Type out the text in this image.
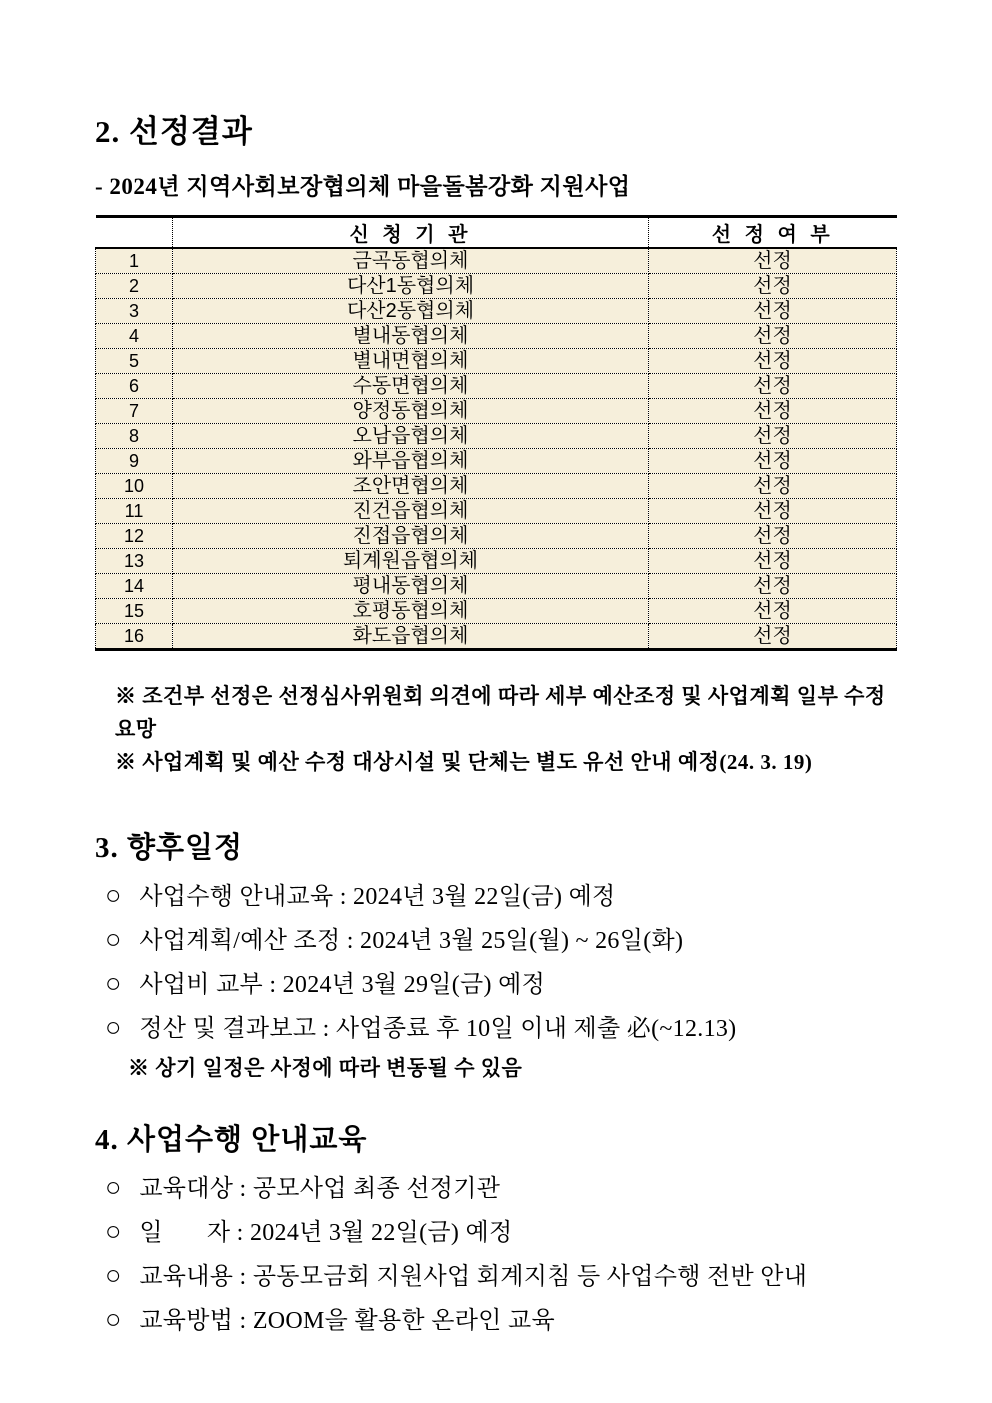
2. 선정결과
- 2024년 지역사회보장협의체 마을돌봄강화 지원사업
	신 청 기 관	선 정 여 부
1	금곡동협의체	선정
2	다산1동협의체	선정
3	다산2동협의체	선정
4	별내동협의체	선정
5	별내면협의체	선정
6	수동면협의체	선정
7	양정동협의체	선정
8	오남읍협의체	선정
9	와부읍협의체	선정
10	조안면협의체	선정
11	진건읍협의체	선정
12	진접읍협의체	선정
13	퇴계원읍협의체	선정
14	평내동협의체	선정
15	호평동협의체	선정
16	화도읍협의체	선정
※ 조건부 선정은 선정심사위원회 의견에 따라 세부 예산조정 및 사업계획 일부 수정 요망
※ 사업계획 및 예산 수정 대상시설 및 단체는 별도 유선 안내 예정(24. 3. 19)
3. 향후일정
○ 사업수행 안내교육 : 2024년 3월 22일(금) 예정
○ 사업계획/예산 조정 : 2024년 3월 25일(월) ~ 26일(화)
○ 사업비 교부 : 2024년 3월 29일(금) 예정
○ 정산 및 결과보고 : 사업종료 후 10일 이내 제출 必(~12.13)
※ 상기 일정은 사정에 따라 변동될 수 있음
4. 사업수행 안내교육
○ 교육대상 : 공모사업 최종 선정기관
○ 일       자 : 2024년 3월 22일(금) 예정
○ 교육내용 : 공동모금회 지원사업 회계지침 등 사업수행 전반 안내
○ 교육방법 : ZOOM을 활용한 온라인 교육
